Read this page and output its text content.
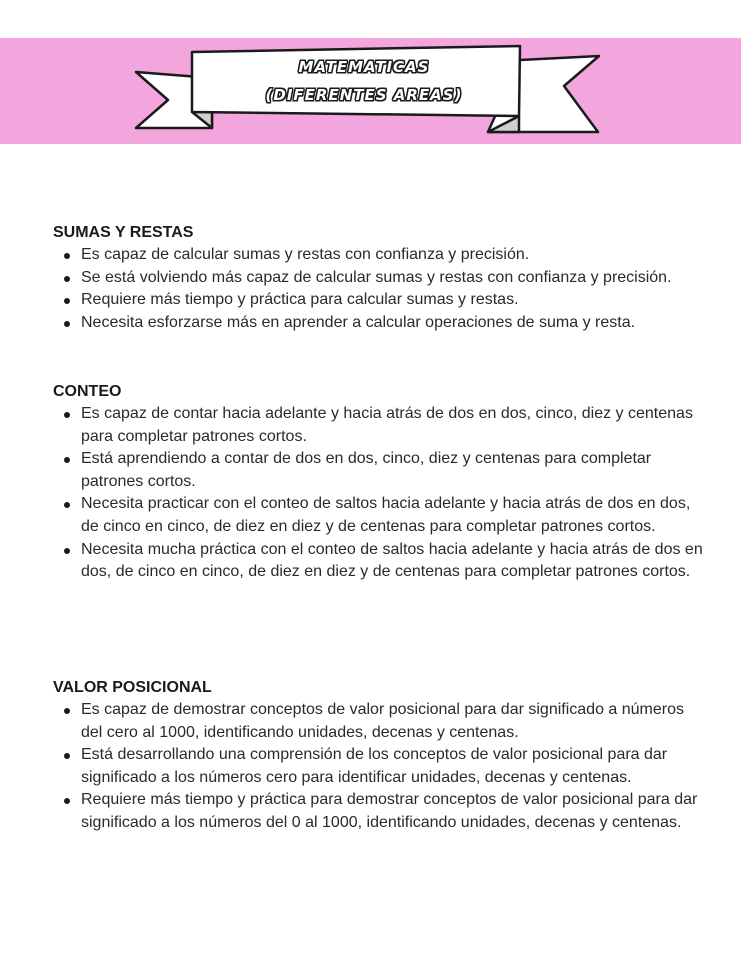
MATEMATICAS
(DIFERENTES AREAS)

SUMAS Y RESTAS

Es capaz de calcular sumas y restas con confianza y precisión.
Se está volviendo más capaz de calcular sumas y restas con confianza y precisión.
Requiere más tiempo y práctica para calcular sumas y restas.
Necesita esforzarse más en aprender a calcular operaciones de suma y resta.

CONTEO

Es capaz de contar hacia adelante y hacia atrás de dos en dos, cinco, diez y centenas para completar patrones cortos.
Está aprendiendo a contar de dos en dos, cinco, diez y centenas para completar patrones cortos.
Necesita practicar con el conteo de saltos hacia adelante y hacia atrás de dos en dos, de cinco en cinco, de diez en diez y de centenas para completar patrones cortos.
Necesita mucha práctica con el conteo de saltos hacia adelante y hacia atrás de dos en dos, de cinco en cinco, de diez en diez y de centenas para completar patrones cortos.

VALOR POSICIONAL

Es capaz de demostrar conceptos de valor posicional para dar significado a números del cero al 1000, identificando unidades, decenas y centenas.
Está desarrollando una comprensión de los conceptos de valor posicional para dar significado a los números cero para identificar unidades, decenas y centenas.
Requiere más tiempo y práctica para demostrar conceptos de valor posicional para dar significado a los números del 0 al 1000, identificando unidades, decenas y centenas.
